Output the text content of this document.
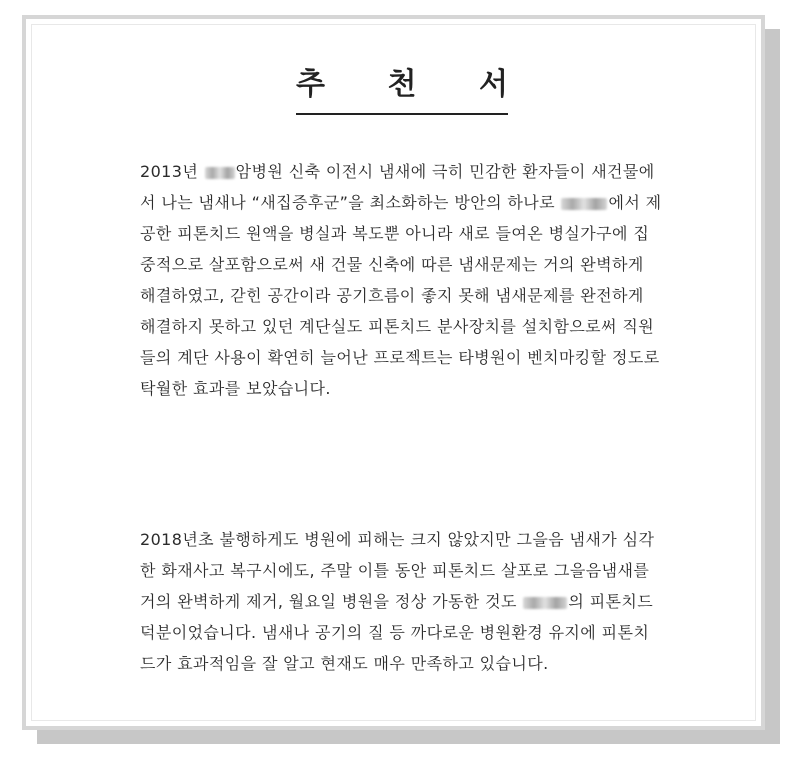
추 천 서
2013년 암병원 신축 이전시 냄새에 극히 민감한 환자들이 새건물에
서 나는 냄새나 “새집증후군”을 최소화하는 방안의 하나로	에서 제
공한 피톤치드 원액을 병실과 복도뿐 아니라 새로 들여온 병실가구에 집
중적으로 살포함으로써 새 건물 신축에 따른 냄새문제는 거의 완벽하게
해결하였고, 갇힌 공간이라 공기흐름이 좋지 못해 냄새문제를 완전하게
해결하지 못하고 있던 계단실도 피톤치드 분사장치를 설치함으로써 직원
들의 계단 사용이 확연히 늘어난 프로젝트는 타병원이 벤치마킹할 정도로
탁월한 효과를 보았습니다.
2018년초 불행하게도 병원에 피해는 크지 않았지만 그을음 냄새가 심각
한 화재사고 복구시에도, 주말 이틀 동안 피톤치드 살포로 그을음냄새를
거의 완벽하게 제거, 월요일 병원을 정상 가동한 것도	의 피톤치드
덕분이었습니다. 냄새나 공기의 질 등 까다로운 병원환경 유지에 피톤치
드가 효과적임을 잘 알고 현재도 매우 만족하고 있습니다.
